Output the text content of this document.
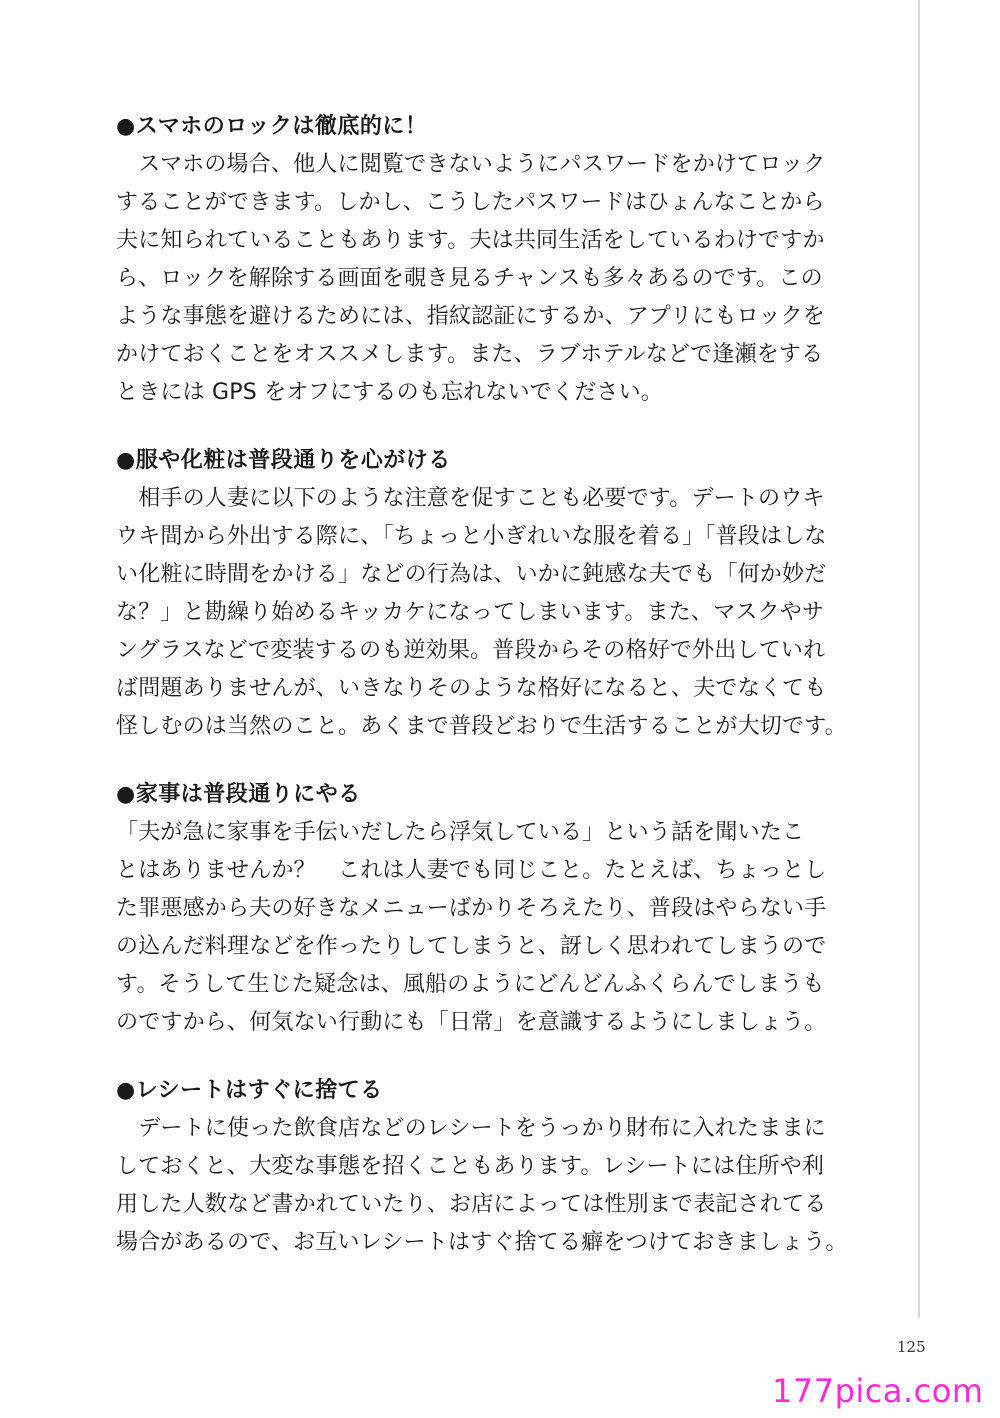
●スマホのロックは徹底的に！
　スマホの場合、他人に閲覧できないようにパスワードをかけてロック
することができます。しかし、こうしたパスワードはひょんなことから
夫に知られていることもあります。夫は共同生活をしているわけですか
ら、ロックを解除する画面を覗き見るチャンスも多々あるのです。この
ような事態を避けるためには、指紋認証にするか、アプリにもロックを
かけておくことをオススメします。また、ラブホテルなどで逢瀬をする
ときには GPS をオフにするのも忘れないでください。
●服や化粧は普段通りを心がける
　相手の人妻に以下のような注意を促すことも必要です。デートのウキ
ウキ間から外出する際に、「ちょっと小ぎれいな服を着る」「普段はしな
い化粧に時間をかける」などの行為は、いかに鈍感な夫でも「何か妙だ
な？」と勘繰り始めるキッカケになってしまいます。また、マスクやサ
ングラスなどで変装するのも逆効果。普段からその格好で外出していれ
ば問題ありませんが、いきなりそのような格好になると、夫でなくても
怪しむのは当然のこと。あくまで普段どおりで生活することが大切です。
●家事は普段通りにやる
「夫が急に家事を手伝いだしたら浮気している」という話を聞いたこ
とはありませんか？　これは人妻でも同じこと。たとえば、ちょっとし
た罪悪感から夫の好きなメニューばかりそろえたり、普段はやらない手
の込んだ料理などを作ったりしてしまうと、訝しく思われてしまうので
す。そうして生じた疑念は、風船のようにどんどんふくらんでしまうも
のですから、何気ない行動にも「日常」を意識するようにしましょう。
●レシートはすぐに捨てる
　デートに使った飲食店などのレシートをうっかり財布に入れたままに
しておくと、大変な事態を招くこともあります。レシートには住所や利
用した人数など書かれていたり、お店によっては性別まで表記されてる
場合があるので、お互いレシートはすぐ捨てる癖をつけておきましょう。
125
177pica.com
